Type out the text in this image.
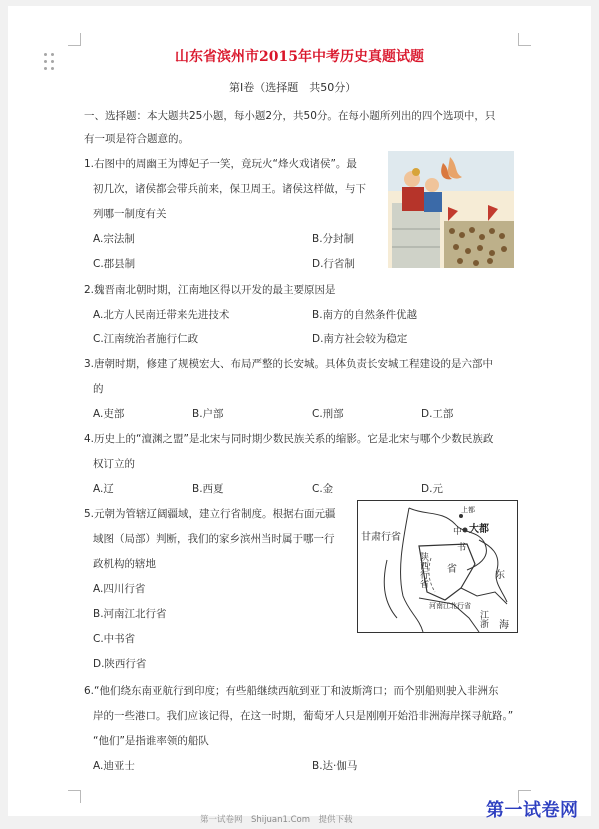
山东省滨州市2015年中考历史真题试题
第Ⅰ卷（选择题　共50分）
一、选择题：本大题共25小题，每小题2分，共50分。在每小题所列出的四个选项中，只
有一项是符合题意的。
1.右图中的周幽王为博妃子一笑，竟玩火“烽火戏诸侯”。最
初几次，诸侯都会带兵前来，保卫周王。诸侯这样做，与下
列哪一制度有关
A.宗法制	B.分封制
C.郡县制	D.行省制
2.魏晋南北朝时期，江南地区得以开发的最主要原因是
A.北方人民南迁带来先进技术	B.南方的自然条件优越
C.江南统治者施行仁政	D.南方社会较为稳定
3.唐朝时期，修建了规模宏大、布局严整的长安城。具体负责长安城工程建设的是六部中
的
A.吏部	B.户部	C.刑部	D.工部
4.历史上的“澶渊之盟”是北宋与同时期少数民族关系的缩影。它是北宋与哪个少数民族政
权订立的
A.辽	B.西夏	C.金	D.元
5.元朝为管辖辽阔疆域，建立行省制度。根据右面元疆
域图（局部）判断，我们的家乡滨州当时属于哪一行
政机构的辖地
A.四川行省
B.河南江北行省
C.中书省
D.陕西行省
甘肃行省
大都
中
书
上都
陕西行省 省
河南江北行省
江浙
东
海
6.“他们绕东南亚航行到印度；有些船继续西航到亚丁和波斯湾口；而个别船则驶入非洲东
岸的一些港口。我们应该记得，在这一时期，葡萄牙人只是刚刚开始沿非洲海岸探寻航路。”
“他们”是指谁率领的船队
A.迪亚士	B.达·伽马
第一试卷网　Shijuan1.Com　提供下载	第一试卷网
